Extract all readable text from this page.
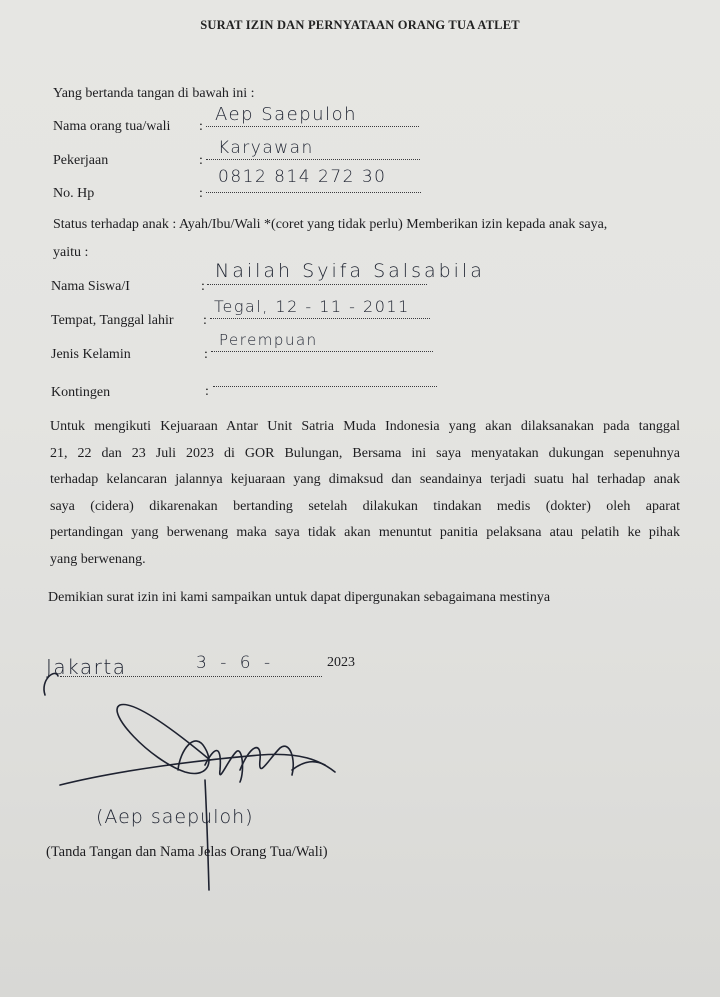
SURAT IZIN DAN PERNYATAAN ORANG TUA ATLET
Yang bertanda tangan di bawah ini :
Nama orang tua/wali :
Aep Saepuloh
Pekerjaan	:
Karyawan
No. Hp	:
0812 814 272 30
Status terhadap anak : Ayah/Ibu/Wali *(coret yang tidak perlu) Memberikan izin kepada anak saya,
yaitu :
Nama Siswa/I	:
Nailah Syifa Salsabila
Tempat, Tanggal lahir :
Tegal, 12 - 11 - 2011
Jenis Kelamin	:
Perempuan
Kontingen	:
Untuk mengikuti Kejuaraan Antar Unit Satria Muda Indonesia yang akan dilaksanakan pada tanggal
21, 22 dan 23 Juli 2023 di GOR Bulungan, Bersama ini saya menyatakan dukungan sepenuhnya
terhadap kelancaran jalannya kejuaraan yang dimaksud dan seandainya terjadi suatu hal terhadap anak
saya (cidera) dikarenakan bertanding setelah dilakukan tindakan medis (dokter) oleh aparat
pertandingan yang berwenang maka saya tidak akan menuntut panitia pelaksana atau pelatih ke pihak
yang berwenang.
Demikian surat izin ini kami sampaikan untuk dapat dipergunakan sebagaimana mestinya
Jakarta	3 - 6 -	2023
(Aep saepuloh)
(Tanda Tangan dan Nama Jelas Orang Tua/Wali)
